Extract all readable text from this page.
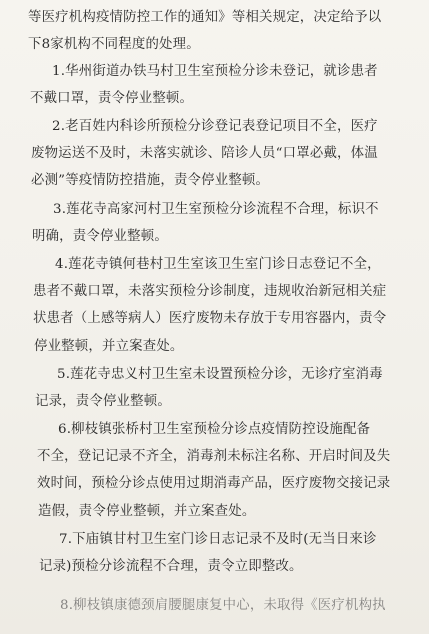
等医疗机构疫情防控工作的通知》等相关规定，决定给予以
下8家机构不同程度的处理。
1.华州街道办铁马村卫生室预检分诊未登记，就诊患者
不戴口罩，责令停业整顿。
2.老百姓内科诊所预检分诊登记表登记项目不全，医疗
废物运送不及时，未落实就诊、陪诊人员“口罩必戴，体温
必测”等疫情防控措施，责令停业整顿。
3.莲花寺高家河村卫生室预检分诊流程不合理，标识不
明确，责令停业整顿。
4.莲花寺镇何巷村卫生室该卫生室门诊日志登记不全，
患者不戴口罩，未落实预检分诊制度，违规收治新冠相关症
状患者（上感等病人）医疗废物未存放于专用容器内，责令
停业整顿，并立案查处。
5.莲花寺忠义村卫生室未设置预检分诊，无诊疗室消毒
记录，责令停业整顿。
6.柳枝镇张桥村卫生室预检分诊点疫情防控设施配备
不全，登记记录不齐全，消毒剂未标注名称、开启时间及失
效时间，预检分诊点使用过期消毒产品，医疗废物交接记录
造假，责令停业整顿，并立案查处。
7.下庙镇甘村卫生室门诊日志记录不及时(无当日来诊
记录)预检分诊流程不合理，责令立即整改。
8.柳枝镇康德颈肩腰腿康复中心，未取得《医疗机构执
